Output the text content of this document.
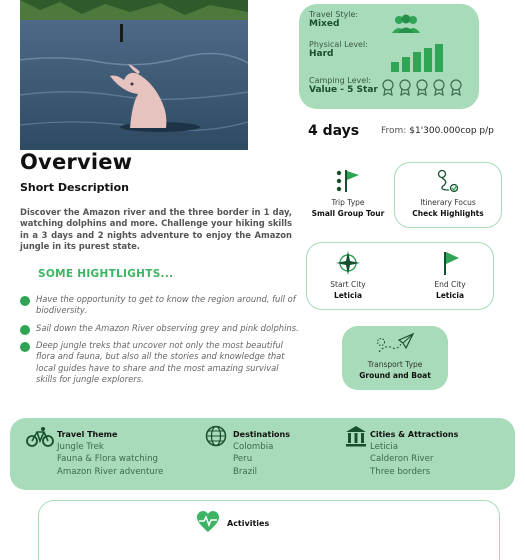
Travel Style:
Mixed
Physical Level:
Hard
Camping Level:
Value - 5 Star
4 days From: $1'300.000cop p/p
Overview
Short Description
Discover the Amazon river and the three border in 1 day, watching dolphins and more. Challenge your hiking skills in a 3 days and 2 nights adventure to enjoy the Amazon jungle in its purest state.
SOME HIGHTLIGHTS...
Have the opportunity to get to know the region around, full of biodiversity.
Sail down the Amazon River observing grey and pink dolphins.
Deep jungle treks that uncover not only the most beautiful flora and fauna, but also all the stories and knowledge that local guides have to share and the most amazing survival skills for jungle explorers.
Trip Type
Small Group Tour
Itinerary Focus
Check Highlights
Start City
Leticia
End City
Leticia
Transport Type
Ground and Boat
Travel Theme
Jungle Trek
Fauna & Flora watching
Amazon River adventure
Destinations
Colombia
Peru
Brazil
Cities & Attractions
Leticia
Calderon River
Three borders
Activities
